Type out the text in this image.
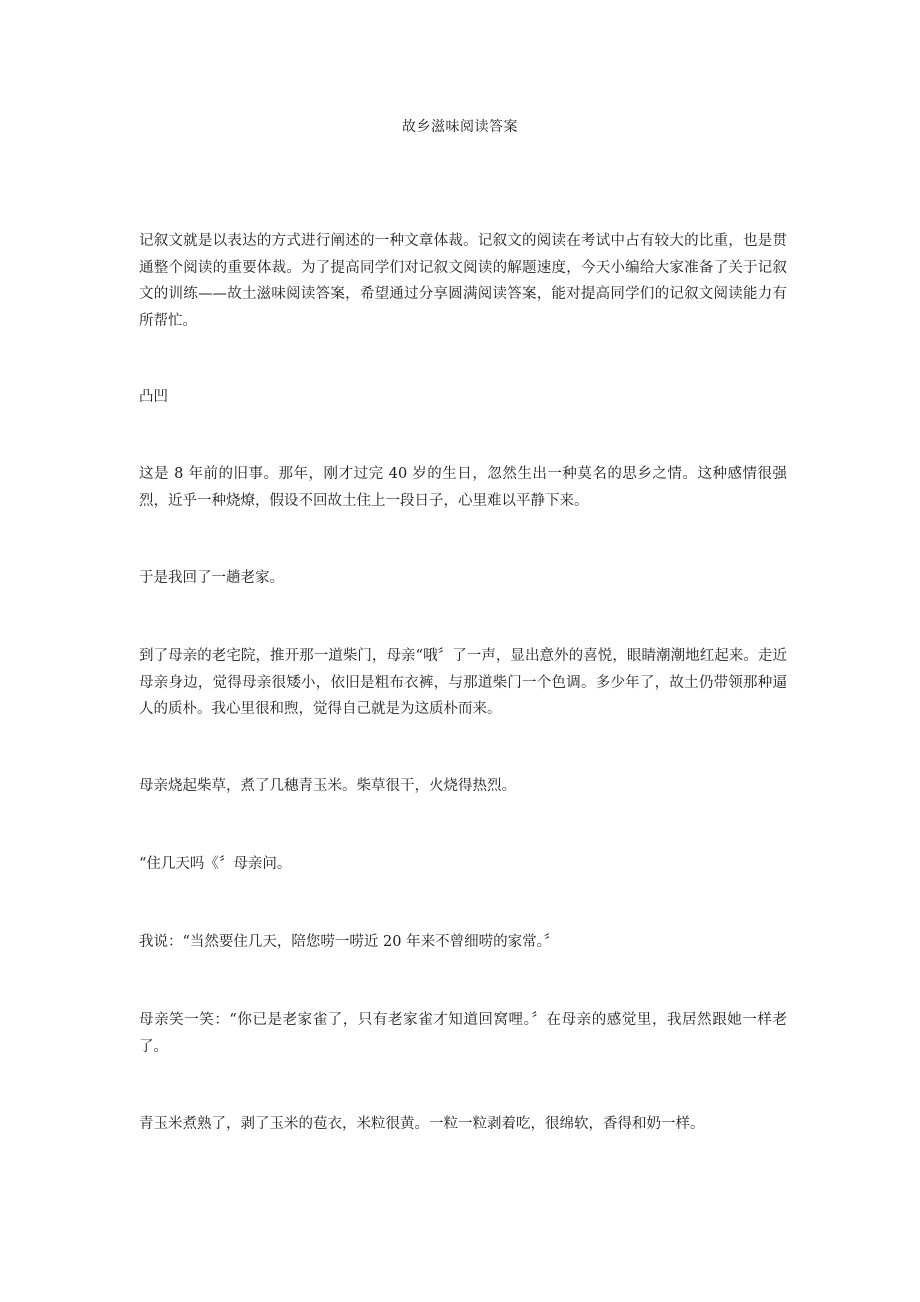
故乡滋味阅读答案

记叙文就是以表达的方式进行阐述的一种文章体裁。记叙文的阅读在考试中占有较大的比重，也是贯通整个阅读的重要体裁。为了提高同学们对记叙文阅读的解题速度，今天小编给大家准备了关于记叙文的训练——故土滋味阅读答案，希望通过分享圆满阅读答案，能对提高同学们的记叙文阅读能力有所帮忙。

凸凹

这是 8 年前的旧事。那年，刚才过完 40 岁的生日，忽然生出一种莫名的思乡之情。这种感情很强烈，近乎一种烧燎，假设不回故土住上一段日子，心里难以平静下来。

于是我回了一趟老家。

到了母亲的老宅院，推开那一道柴门，母亲“哦〞了一声，显出意外的喜悦，眼睛潮潮地红起来。走近母亲身边，觉得母亲很矮小，依旧是粗布衣裤，与那道柴门一个色调。多少年了，故土仍带领那种逼人的质朴。我心里很和煦，觉得自己就是为这质朴而来。

母亲烧起柴草，煮了几穗青玉米。柴草很干，火烧得热烈。

“住几天吗《〞母亲问。

我说：“当然要住几天，陪您唠一唠近 20 年来不曾细唠的家常。〞

母亲笑一笑：“你已是老家雀了，只有老家雀才知道回窝哩。〞在母亲的感觉里，我居然跟她一样老了。

青玉米煮熟了，剥了玉米的苞衣，米粒很黄。一粒一粒剥着吃，很绵软，香得和奶一样。
